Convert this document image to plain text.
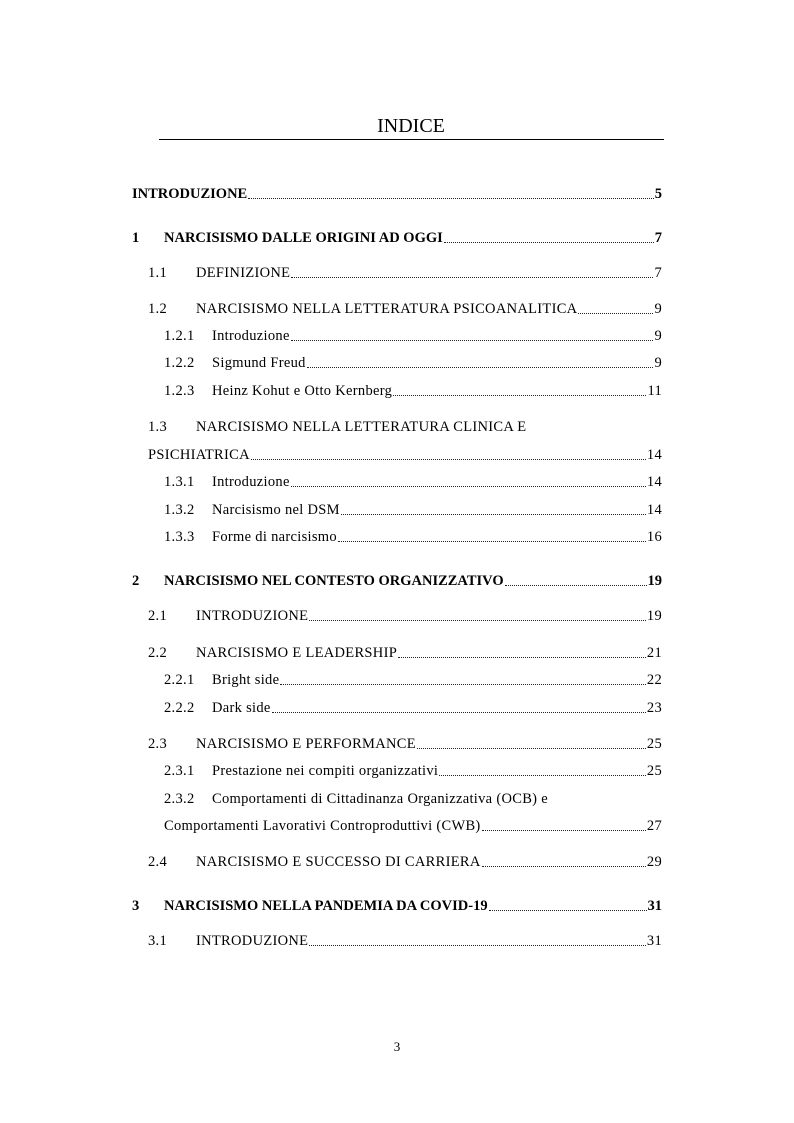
INDICE
INTRODUZIONE	5
1	NARCISISMO DALLE ORIGINI AD OGGI	7
1.1	DEFINIZIONE	7
1.2	NARCISISMO NELLA LETTERATURA PSICOANALITICA	9
1.2.1	Introduzione	9
1.2.2	Sigmund Freud	9
1.2.3	Heinz Kohut e Otto Kernberg	11
1.3 NARCISISMO NELLA LETTERATURA CLINICA E
PSICHIATRICA	14
1.3.1	Introduzione	14
1.3.2	Narcisismo nel DSM	14
1.3.3	Forme di narcisismo	16
2	NARCISISMO NEL CONTESTO ORGANIZZATIVO	19
2.1	INTRODUZIONE	19
2.2	NARCISISMO E LEADERSHIP	21
2.2.1	Bright side	22
2.2.2	Dark side	23
2.3	NARCISISMO E PERFORMANCE	25
2.3.1	Prestazione nei compiti organizzativi	25
2.3.2 Comportamenti di Cittadinanza Organizzativa (OCB) e
Comportamenti Lavorativi Controproduttivi (CWB)	27
2.4	NARCISISMO E SUCCESSO DI CARRIERA	29
3	NARCISISMO NELLA PANDEMIA DA COVID-19	31
3.1	INTRODUZIONE	31
3
